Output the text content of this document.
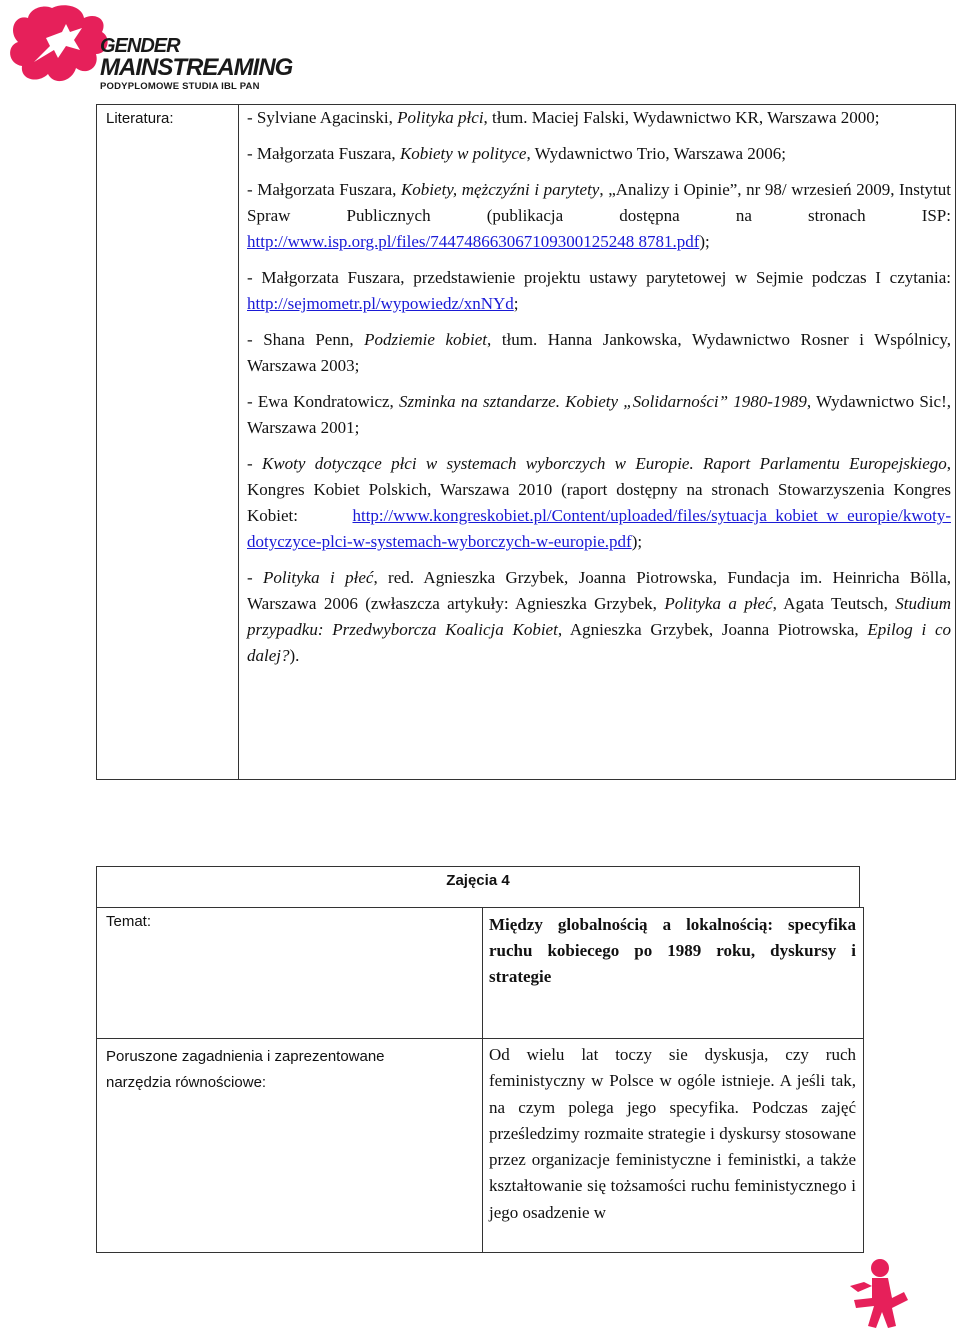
GENDER
MAINSTREAMING
PODYPLOMOWE STUDIA IBL PAN
Literatura:	- Sylviane Agacinski, Polityka płci, tłum. Maciej Falski, Wydawnictwo KR, Warszawa 2000;

- Małgorzata Fuszara, Kobiety w polityce, Wydawnictwo Trio, Warszawa 2006;

- Małgorzata Fuszara, Kobiety, mężczyźni i parytety, „Analizy i Opinie”, nr 98/ wrzesień 2009, Instytut Spraw Publicznych (publikacja dostępna na stronach ISP: http://www.isp.org.pl/files/744748663067109300125248 8781.pdf);

- Małgorzata Fuszara, przedstawienie projektu ustawy parytetowej w Sejmie podczas I czytania: http://sejmometr.pl/wypowiedz/xnNYd;

- Shana Penn, Podziemie kobiet, tłum. Hanna Jankowska, Wydawnictwo Rosner i Wspólnicy, Warszawa 2003;

- Ewa Kondratowicz, Szminka na sztandarze. Kobiety „Solidarności” 1980-1989, Wydawnictwo Sic!, Warszawa 2001;

- Kwoty dotyczące płci w systemach wyborczych w Europie. Raport Parlamentu Europejskiego, Kongres Kobiet Polskich, Warszawa 2010 (raport dostępny na stronach Stowarzyszenia Kongres Kobiet: http://www.kongreskobiet.pl/Content/uploaded/files/sytuacja_kobiet_w_europie/kwoty-dotyczyce-plci-w-systemach-wyborczych-w-europie.pdf);

- Polityka i płeć, red. Agnieszka Grzybek, Joanna Piotrowska, Fundacja im. Heinricha Bölla, Warszawa 2006 (zwłaszcza artykuły: Agnieszka Grzybek, Polityka a płeć, Agata Teutsch, Studium przypadku: Przedwyborcza Koalicja Kobiet, Agnieszka Grzybek, Joanna Piotrowska, Epilog i co dalej?).

Zajęcia 4
Temat:	Między globalnością a lokalnością: specyfika ruchu kobiecego po 1989 roku, dyskursy i strategie
Poruszone zagadnienia i zaprezentowane narzędzia równościowe:
Od wielu lat toczy sie dyskusja, czy ruch feministyczny w Polsce w ogóle istnieje. A jeśli tak, na czym polega jego specyfika. Podczas zajęć prześledzimy rozmaite strategie i dyskursy stosowane przez organizacje feministyczne i feministki, a także kształtowanie się tożsamości ruchu feministycznego i jego osadzenie w
